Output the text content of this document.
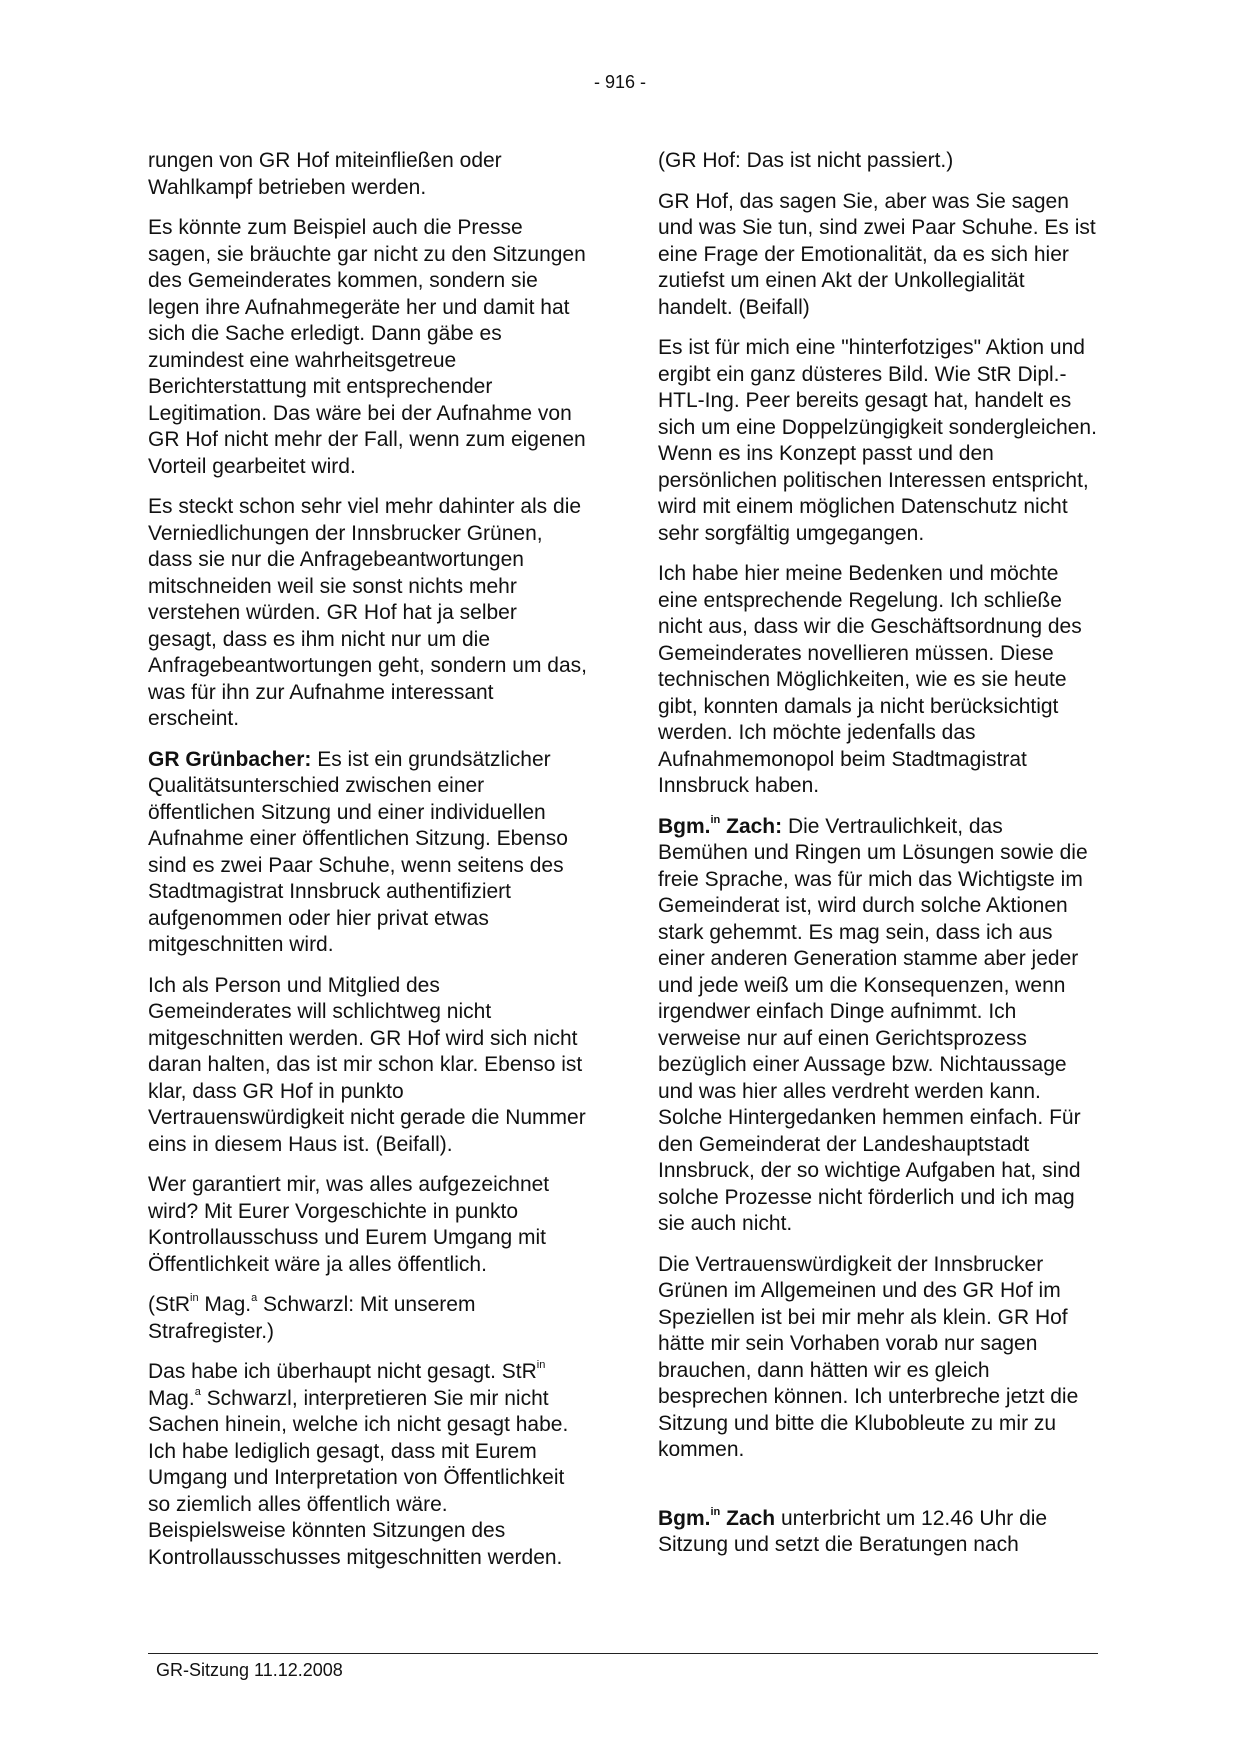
- 916 -

rungen von GR Hof miteinfließen oder Wahlkampf betrieben werden.

Es könnte zum Beispiel auch die Presse sagen, sie bräuchte gar nicht zu den Sitzungen des Gemeinderates kommen, sondern sie legen ihre Aufnahmegeräte her und damit hat sich die Sache erledigt. Dann gäbe es zumindest eine wahrheitsgetreue Berichterstattung mit entsprechender Legitimation. Das wäre bei der Aufnahme von GR Hof nicht mehr der Fall, wenn zum eigenen Vorteil gearbeitet wird.

Es steckt schon sehr viel mehr dahinter als die Verniedlichungen der Innsbrucker Grünen, dass sie nur die Anfragebeantwortungen mitschneiden weil sie sonst nichts mehr verstehen würden. GR Hof hat ja selber gesagt, dass es ihm nicht nur um die Anfragebeantwortungen geht, sondern um das, was für ihn zur Aufnahme interessant erscheint.

GR Grünbacher: Es ist ein grundsätzlicher Qualitätsunterschied zwischen einer öffentlichen Sitzung und einer individuellen Aufnahme einer öffentlichen Sitzung. Ebenso sind es zwei Paar Schuhe, wenn seitens des Stadtmagistrat Innsbruck authentifiziert aufgenommen oder hier privat etwas mitgeschnitten wird.

Ich als Person und Mitglied des Gemeinderates will schlichtweg nicht mitgeschnitten werden. GR Hof wird sich nicht daran halten, das ist mir schon klar. Ebenso ist klar, dass GR Hof in punkto Vertrauenswürdigkeit nicht gerade die Nummer eins in diesem Haus ist. (Beifall).

Wer garantiert mir, was alles aufgezeichnet wird? Mit Eurer Vorgeschichte in punkto Kontrollausschuss und Eurem Umgang mit Öffentlichkeit wäre ja alles öffentlich.

(StR$^{in}$ Mag.$^a$ Schwarzl: Mit unserem Strafregister.)

Das habe ich überhaupt nicht gesagt. StR$^{in}$ Mag.$^a$ Schwarzl, interpretieren Sie mir nicht Sachen hinein, welche ich nicht gesagt habe. Ich habe lediglich gesagt, dass mit Eurem Umgang und Interpretation von Öffentlichkeit so ziemlich alles öffentlich wäre. Beispielsweise könnten Sitzungen des Kontrollausschusses mitgeschnitten werden.

(GR Hof: Das ist nicht passiert.)

GR Hof, das sagen Sie, aber was Sie sagen und was Sie tun, sind zwei Paar Schuhe. Es ist eine Frage der Emotionalität, da es sich hier zutiefst um einen Akt der Unkollegialität handelt. (Beifall)

Es ist für mich eine "hinterfotziges" Aktion und ergibt ein ganz düsteres Bild. Wie StR Dipl.-HTL-Ing. Peer bereits gesagt hat, handelt es sich um eine Doppelzüngigkeit sondergleichen. Wenn es ins Konzept passt und den persönlichen politischen Interessen entspricht, wird mit einem möglichen Datenschutz nicht sehr sorgfältig umgegangen.

Ich habe hier meine Bedenken und möchte eine entsprechende Regelung. Ich schließe nicht aus, dass wir die Geschäftsordnung des Gemeinderates novellieren müssen. Diese technischen Möglichkeiten, wie es sie heute gibt, konnten damals ja nicht berücksichtigt werden. Ich möchte jedenfalls das Aufnahmemonopol beim Stadtmagistrat Innsbruck haben.

Bgm.$^{in}$ Zach: Die Vertraulichkeit, das Bemühen und Ringen um Lösungen sowie die freie Sprache, was für mich das Wichtigste im Gemeinderat ist, wird durch solche Aktionen stark gehemmt. Es mag sein, dass ich aus einer anderen Generation stamme aber jeder und jede weiß um die Konsequenzen, wenn irgendwer einfach Dinge aufnimmt. Ich verweise nur auf einen Gerichtsprozess bezüglich einer Aussage bzw. Nichtaussage und was hier alles verdreht werden kann. Solche Hintergedanken hemmen einfach. Für den Gemeinderat der Landeshauptstadt Innsbruck, der so wichtige Aufgaben hat, sind solche Prozesse nicht förderlich und ich mag sie auch nicht.

Die Vertrauenswürdigkeit der Innsbrucker Grünen im Allgemeinen und des GR Hof im Speziellen ist bei mir mehr als klein. GR Hof hätte mir sein Vorhaben vorab nur sagen brauchen, dann hätten wir es gleich besprechen können. Ich unterbreche jetzt die Sitzung und bitte die Klubobleute zu mir zu kommen.

Bgm.$^{in}$ Zach unterbricht um 12.46 Uhr die Sitzung und setzt die Beratungen nach

GR-Sitzung 11.12.2008
